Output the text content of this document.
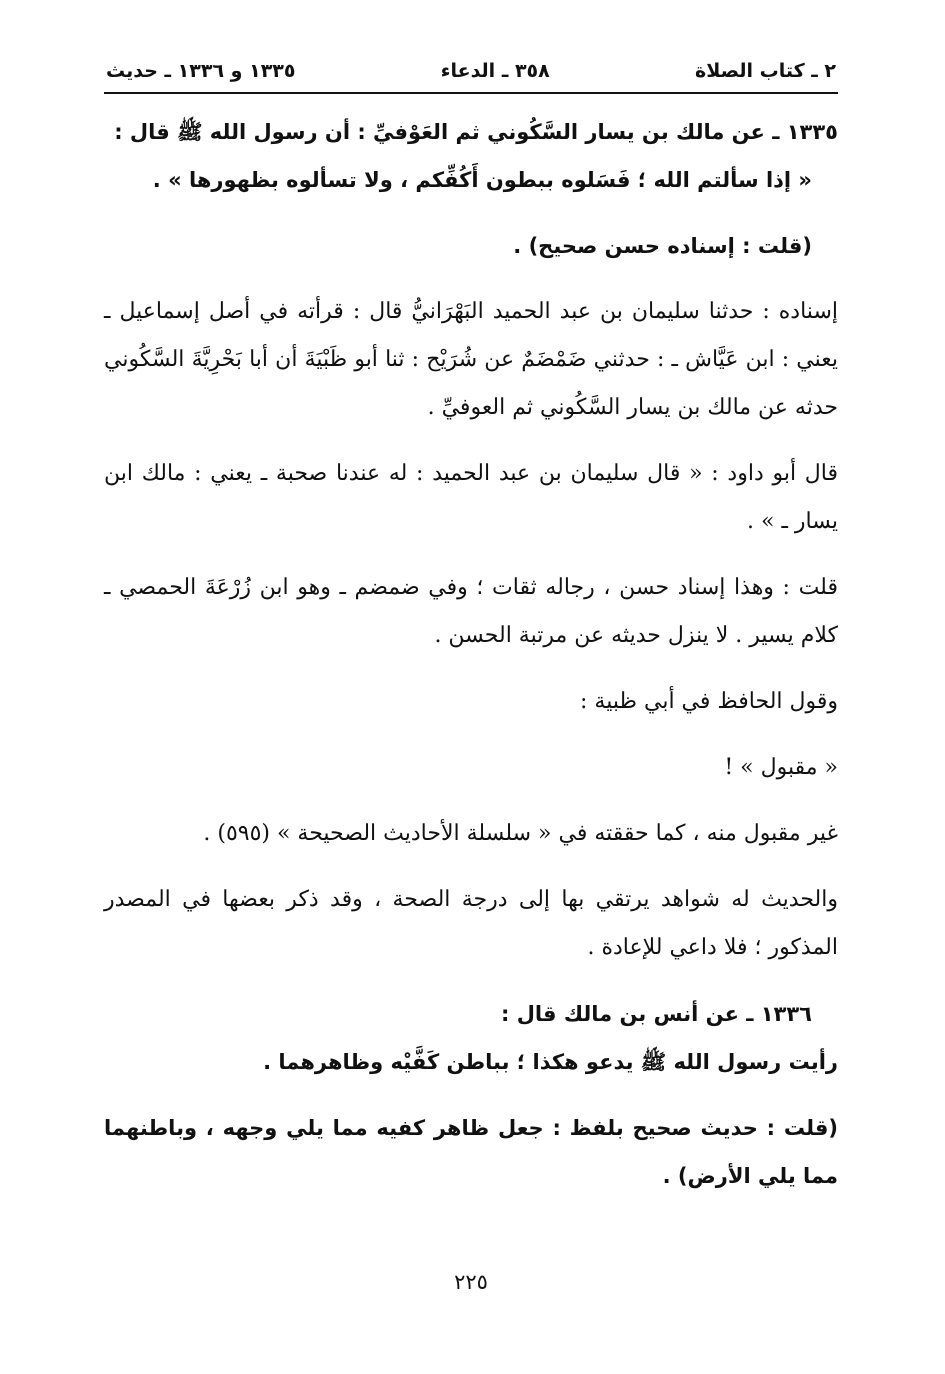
٢ ـ كتاب الصلاة
٣٥٨ ـ الدعاء
١٣٣٥ و ١٣٣٦ ـ حديث

١٣٣٥ ـ عن مالك بن يسار السَّكُوني ثم العَوْفيِّ : أن رسول الله ﷺ قال :

« إذا سألتم الله ؛ فَسَلوه ببطون أَكُفِّكم ، ولا تسألوه بظهورها » .

(قلت : إسناده حسن صحيح) .

إسناده : حدثنا سليمان بن عبد الحميد البَهْرَانيُّ قال : قرأته في أصل إسماعيل ـ يعني : ابن عَيَّاش ـ : حدثني ضَمْضَمٌ عن شُرَيْح : ثنا أبو ظَبْيَةَ أن أبا بَحْرِيَّةَ السَّكُوني حدثه عن مالك بن يسار السَّكُوني ثم العوفيِّ .

قال أبو داود : « قال سليمان بن عبد الحميد : له عندنا صحبة ـ يعني : مالك ابن يسار ـ » .

قلت : وهذا إسناد حسن ، رجاله ثقات ؛ وفي ضمضم ـ وهو ابن زُرْعَةَ الحمصي ـ كلام يسير . لا ينزل حديثه عن مرتبة الحسن .

وقول الحافظ في أبي ظبية :

« مقبول » !

غير مقبول منه ، كما حققته في « سلسلة الأحاديث الصحيحة » (٥٩٥) .

والحديث له شواهد يرتقي بها إلى درجة الصحة ، وقد ذكر بعضها في المصدر المذكور ؛ فلا داعي للإعادة .

١٣٣٦ ـ عن أنس بن مالك قال :

رأيت رسول الله ﷺ يدعو هكذا ؛ بباطن كَفَّيْه وظاهرهما .

(قلت : حديث صحيح بلفظ : جعل ظاهر كفيه مما يلي وجهه ، وباطنهما مما يلي الأرض) .

٢٢٥
